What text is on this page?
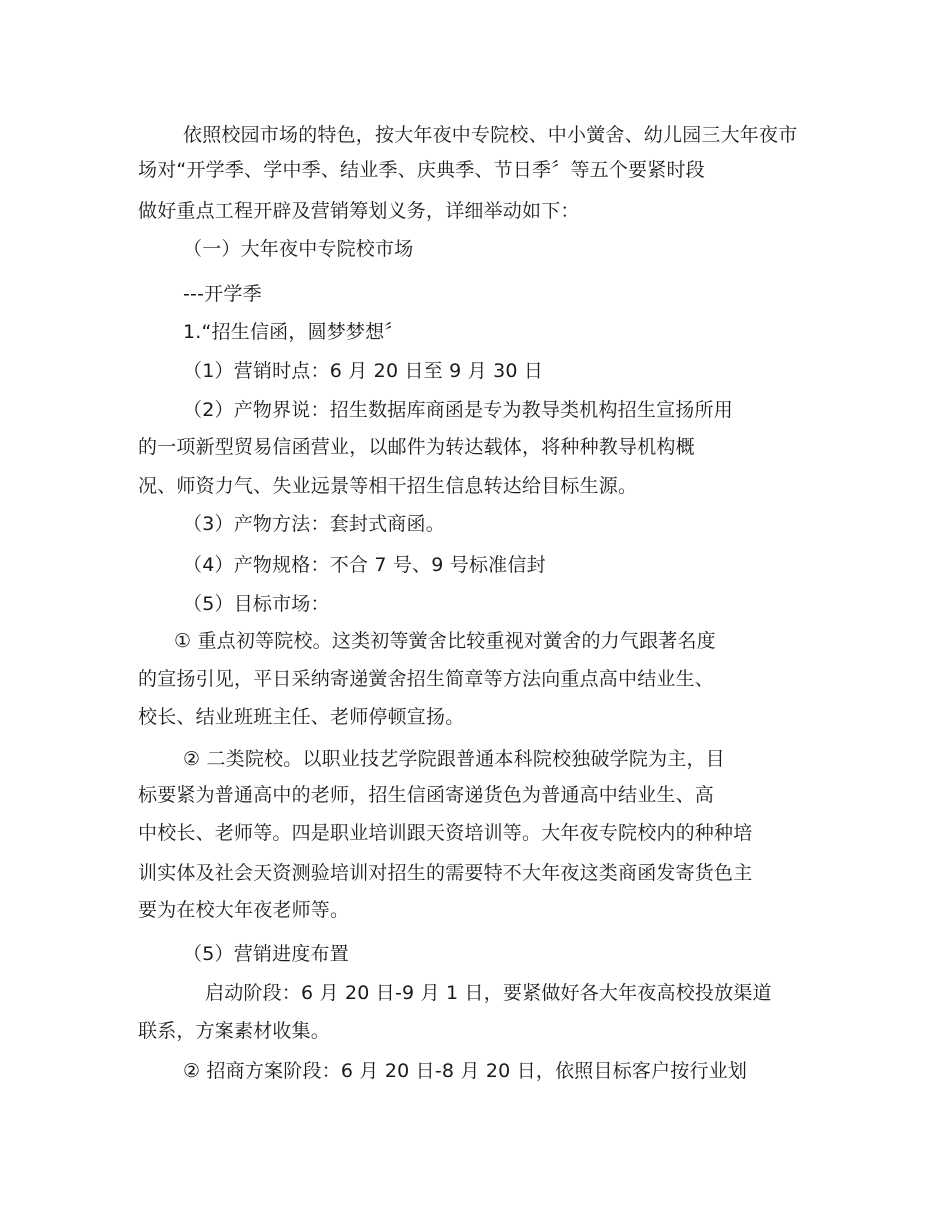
依照校园市场的特色，按大年夜中专院校、中小黉舍、幼儿园三大年夜市
场对“开学季、学中季、结业季、庆典季、节日季〞等五个要紧时段
做好重点工程开辟及营销筹划义务，详细举动如下：
（一）大年夜中专院校市场
---开学季
1.“招生信函，圆梦梦想〞
（1）营销时点：6 月 20 日至 9 月 30 日
（2）产物界说：招生数据库商函是专为教导类机构招生宣扬所用
的一项新型贸易信函营业，以邮件为转达载体，将种种教导机构概
况、师资力气、失业远景等相干招生信息转达给目标生源。
（3）产物方法：套封式商函。
（4）产物规格：不合 7 号、9 号标准信封
（5）目标市场：
① 重点初等院校。这类初等黉舍比较重视对黉舍的力气跟著名度
的宣扬引见，平日采纳寄递黉舍招生简章等方法向重点高中结业生、
校长、结业班班主任、老师停顿宣扬。
② 二类院校。以职业技艺学院跟普通本科院校独破学院为主，目
标要紧为普通高中的老师，招生信函寄递货色为普通高中结业生、高
中校长、老师等。四是职业培训跟天资培训等。大年夜专院校内的种种培
训实体及社会天资测验培训对招生的需要特不大年夜这类商函发寄货色主
要为在校大年夜老师等。
（5）营销进度布置
启动阶段：6 月 20 日-9 月 1 日，要紧做好各大年夜高校投放渠道
联系，方案素材收集。
② 招商方案阶段：6 月 20 日-8 月 20 日，依照目标客户按行业划
